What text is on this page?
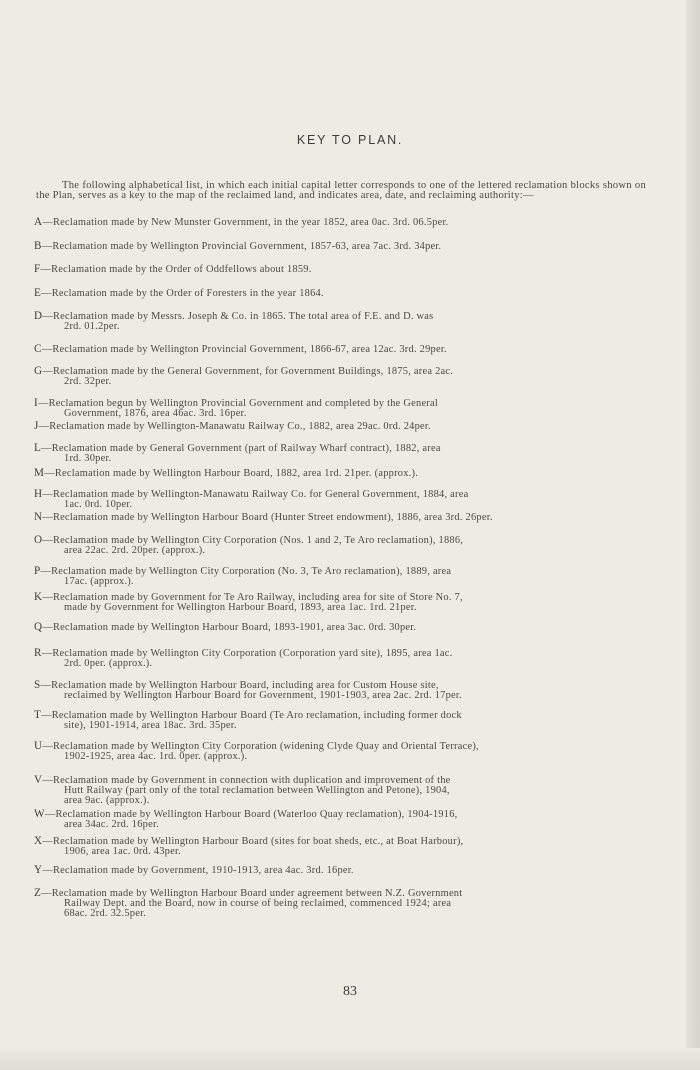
KEY TO PLAN.

The following alphabetical list, in which each initial capital letter corresponds to one of the lettered reclamation blocks shown on the Plan, serves as a key to the map of the reclaimed land, and indicates area, date, and reclaiming authority:—

A—Reclamation made by New Munster Government, in the year 1852, area 0ac. 3rd. 06.5per.
B—Reclamation made by Wellington Provincial Government, 1857-63, area 7ac. 3rd. 34per.
F—Reclamation made by the Order of Oddfellows about 1859.
E—Reclamation made by the Order of Foresters in the year 1864.
D—Reclamation made by Messrs. Joseph & Co. in 1865. The total area of F.E. and D. was
2rd. 01.2per.
C—Reclamation made by Wellington Provincial Government, 1866-67, area 12ac. 3rd. 29per.
G—Reclamation made by the General Government, for Government Buildings, 1875, area 2ac.
2rd. 32per.
I—Reclamation begun by Wellington Provincial Government and completed by the General
Government, 1876, area 46ac. 3rd. 16per.
J—Reclamation made by Wellington-Manawatu Railway Co., 1882, area 29ac. 0rd. 24per.
L—Reclamation made by General Government (part of Railway Wharf contract), 1882, area
1rd. 30per.
M—Reclamation made by Wellington Harbour Board, 1882, area 1rd. 21per. (approx.).
H—Reclamation made by Wellington-Manawatu Railway Co. for General Government, 1884, area
1ac. 0rd. 10per.
N—Reclamation made by Wellington Harbour Board (Hunter Street endowment), 1886, area 3rd. 26per.
O—Reclamation made by Wellington City Corporation (Nos. 1 and 2, Te Aro reclamation), 1886,
area 22ac. 2rd. 20per. (approx.).
P—Reclamation made by Wellington City Corporation (No. 3, Te Aro reclamation), 1889, area
17ac. (approx.).
K—Reclamation made by Government for Te Aro Railway, including area for site of Store No. 7,
made by Government for Wellington Harbour Board, 1893, area 1ac. 1rd. 21per.
Q—Reclamation made by Wellington Harbour Board, 1893-1901, area 3ac. 0rd. 30per.
R—Reclamation made by Wellington City Corporation (Corporation yard site), 1895, area 1ac.
2rd. 0per. (approx.).
S—Reclamation made by Wellington Harbour Board, including area for Custom House site,
reclaimed by Wellington Harbour Board for Government, 1901-1903, area 2ac. 2rd. 17per.
T—Reclamation made by Wellington Harbour Board (Te Aro reclamation, including former dock
site), 1901-1914, area 18ac. 3rd. 35per.
U—Reclamation made by Wellington City Corporation (widening Clyde Quay and Oriental Terrace),
1902-1925, area 4ac. 1rd. 0per. (approx.).
V—Reclamation made by Government in connection with duplication and improvement of the
Hutt Railway (part only of the total reclamation between Wellington and Petone), 1904,
area 9ac. (approx.).
W—Reclamation made by Wellington Harbour Board (Waterloo Quay reclamation), 1904-1916,
area 34ac. 2rd. 16per.
X—Reclamation made by Wellington Harbour Board (sites for boat sheds, etc., at Boat Harbour),
1906, area 1ac. 0rd. 43per.
Y—Reclamation made by Government, 1910-1913, area 4ac. 3rd. 16per.
Z—Reclamation made by Wellington Harbour Board under agreement between N.Z. Government
Railway Dept. and the Board, now in course of being reclaimed, commenced 1924; area
68ac. 2rd. 32.5per.
83
